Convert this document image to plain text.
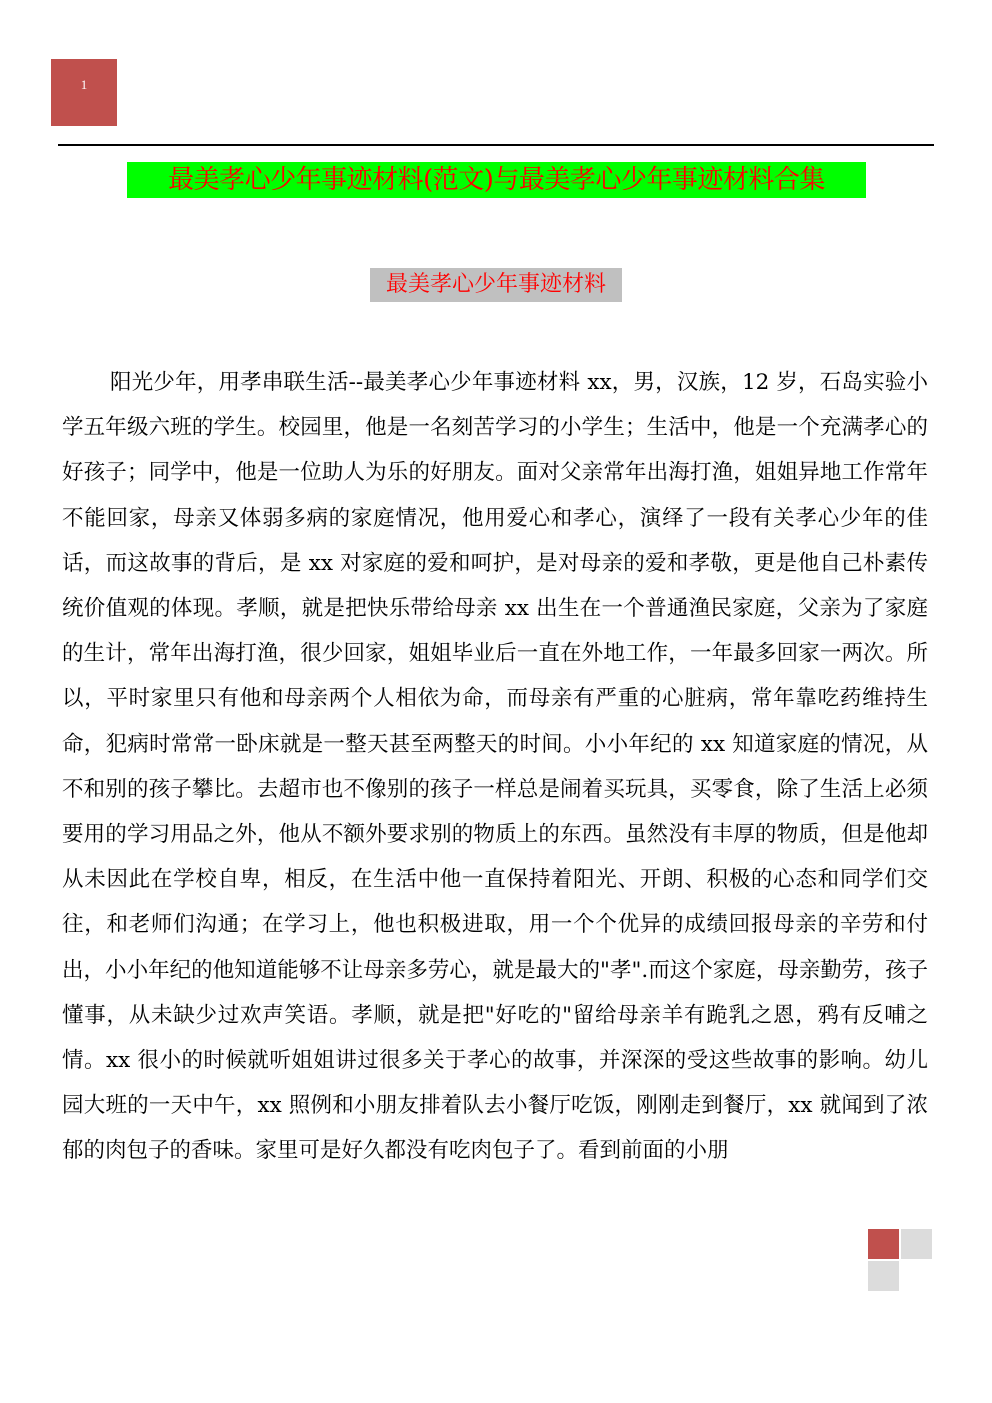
1
最美孝心少年事迹材料(范文)与最美孝心少年事迹材料合集
最美孝心少年事迹材料

阳光少年，用孝串联生活--最美孝心少年事迹材料 xx，男，汉族，12 岁，石岛实验小学五年级六班的学生。校园里，他是一名刻苦学习的小学生；生活中，他是一个充满孝心的好孩子；同学中，他是一位助人为乐的好朋友。面对父亲常年出海打渔，姐姐异地工作常年不能回家，母亲又体弱多病的家庭情况，他用爱心和孝心，演绎了一段有关孝心少年的佳话，而这故事的背后，是 xx 对家庭的爱和呵护，是对母亲的爱和孝敬，更是他自己朴素传统价值观的体现。孝顺，就是把快乐带给母亲 xx 出生在一个普通渔民家庭，父亲为了家庭的生计，常年出海打渔，很少回家，姐姐毕业后一直在外地工作，一年最多回家一两次。所以，平时家里只有他和母亲两个人相依为命，而母亲有严重的心脏病，常年靠吃药维持生命，犯病时常常一卧床就是一整天甚至两整天的时间。小小年纪的 xx 知道家庭的情况，从不和别的孩子攀比。去超市也不像别的孩子一样总是闹着买玩具，买零食，除了生活上必须要用的学习用品之外，他从不额外要求别的物质上的东西。虽然没有丰厚的物质，但是他却从未因此在学校自卑，相反，在生活中他一直保持着阳光、开朗、积极的心态和同学们交往，和老师们沟通；在学习上，他也积极进取，用一个个优异的成绩回报母亲的辛劳和付出，小小年纪的他知道能够不让母亲多劳心，就是最大的"孝".而这个家庭，母亲勤劳，孩子懂事，从未缺少过欢声笑语。孝顺，就是把"好吃的"留给母亲羊有跪乳之恩，鸦有反哺之情。xx 很小的时候就听姐姐讲过很多关于孝心的故事，并深深的受这些故事的影响。幼儿园大班的一天中午，xx 照例和小朋友排着队去小餐厅吃饭，刚刚走到餐厅，xx 就闻到了浓郁的肉包子的香味。家里可是好久都没有吃肉包子了。看到前面的小朋
